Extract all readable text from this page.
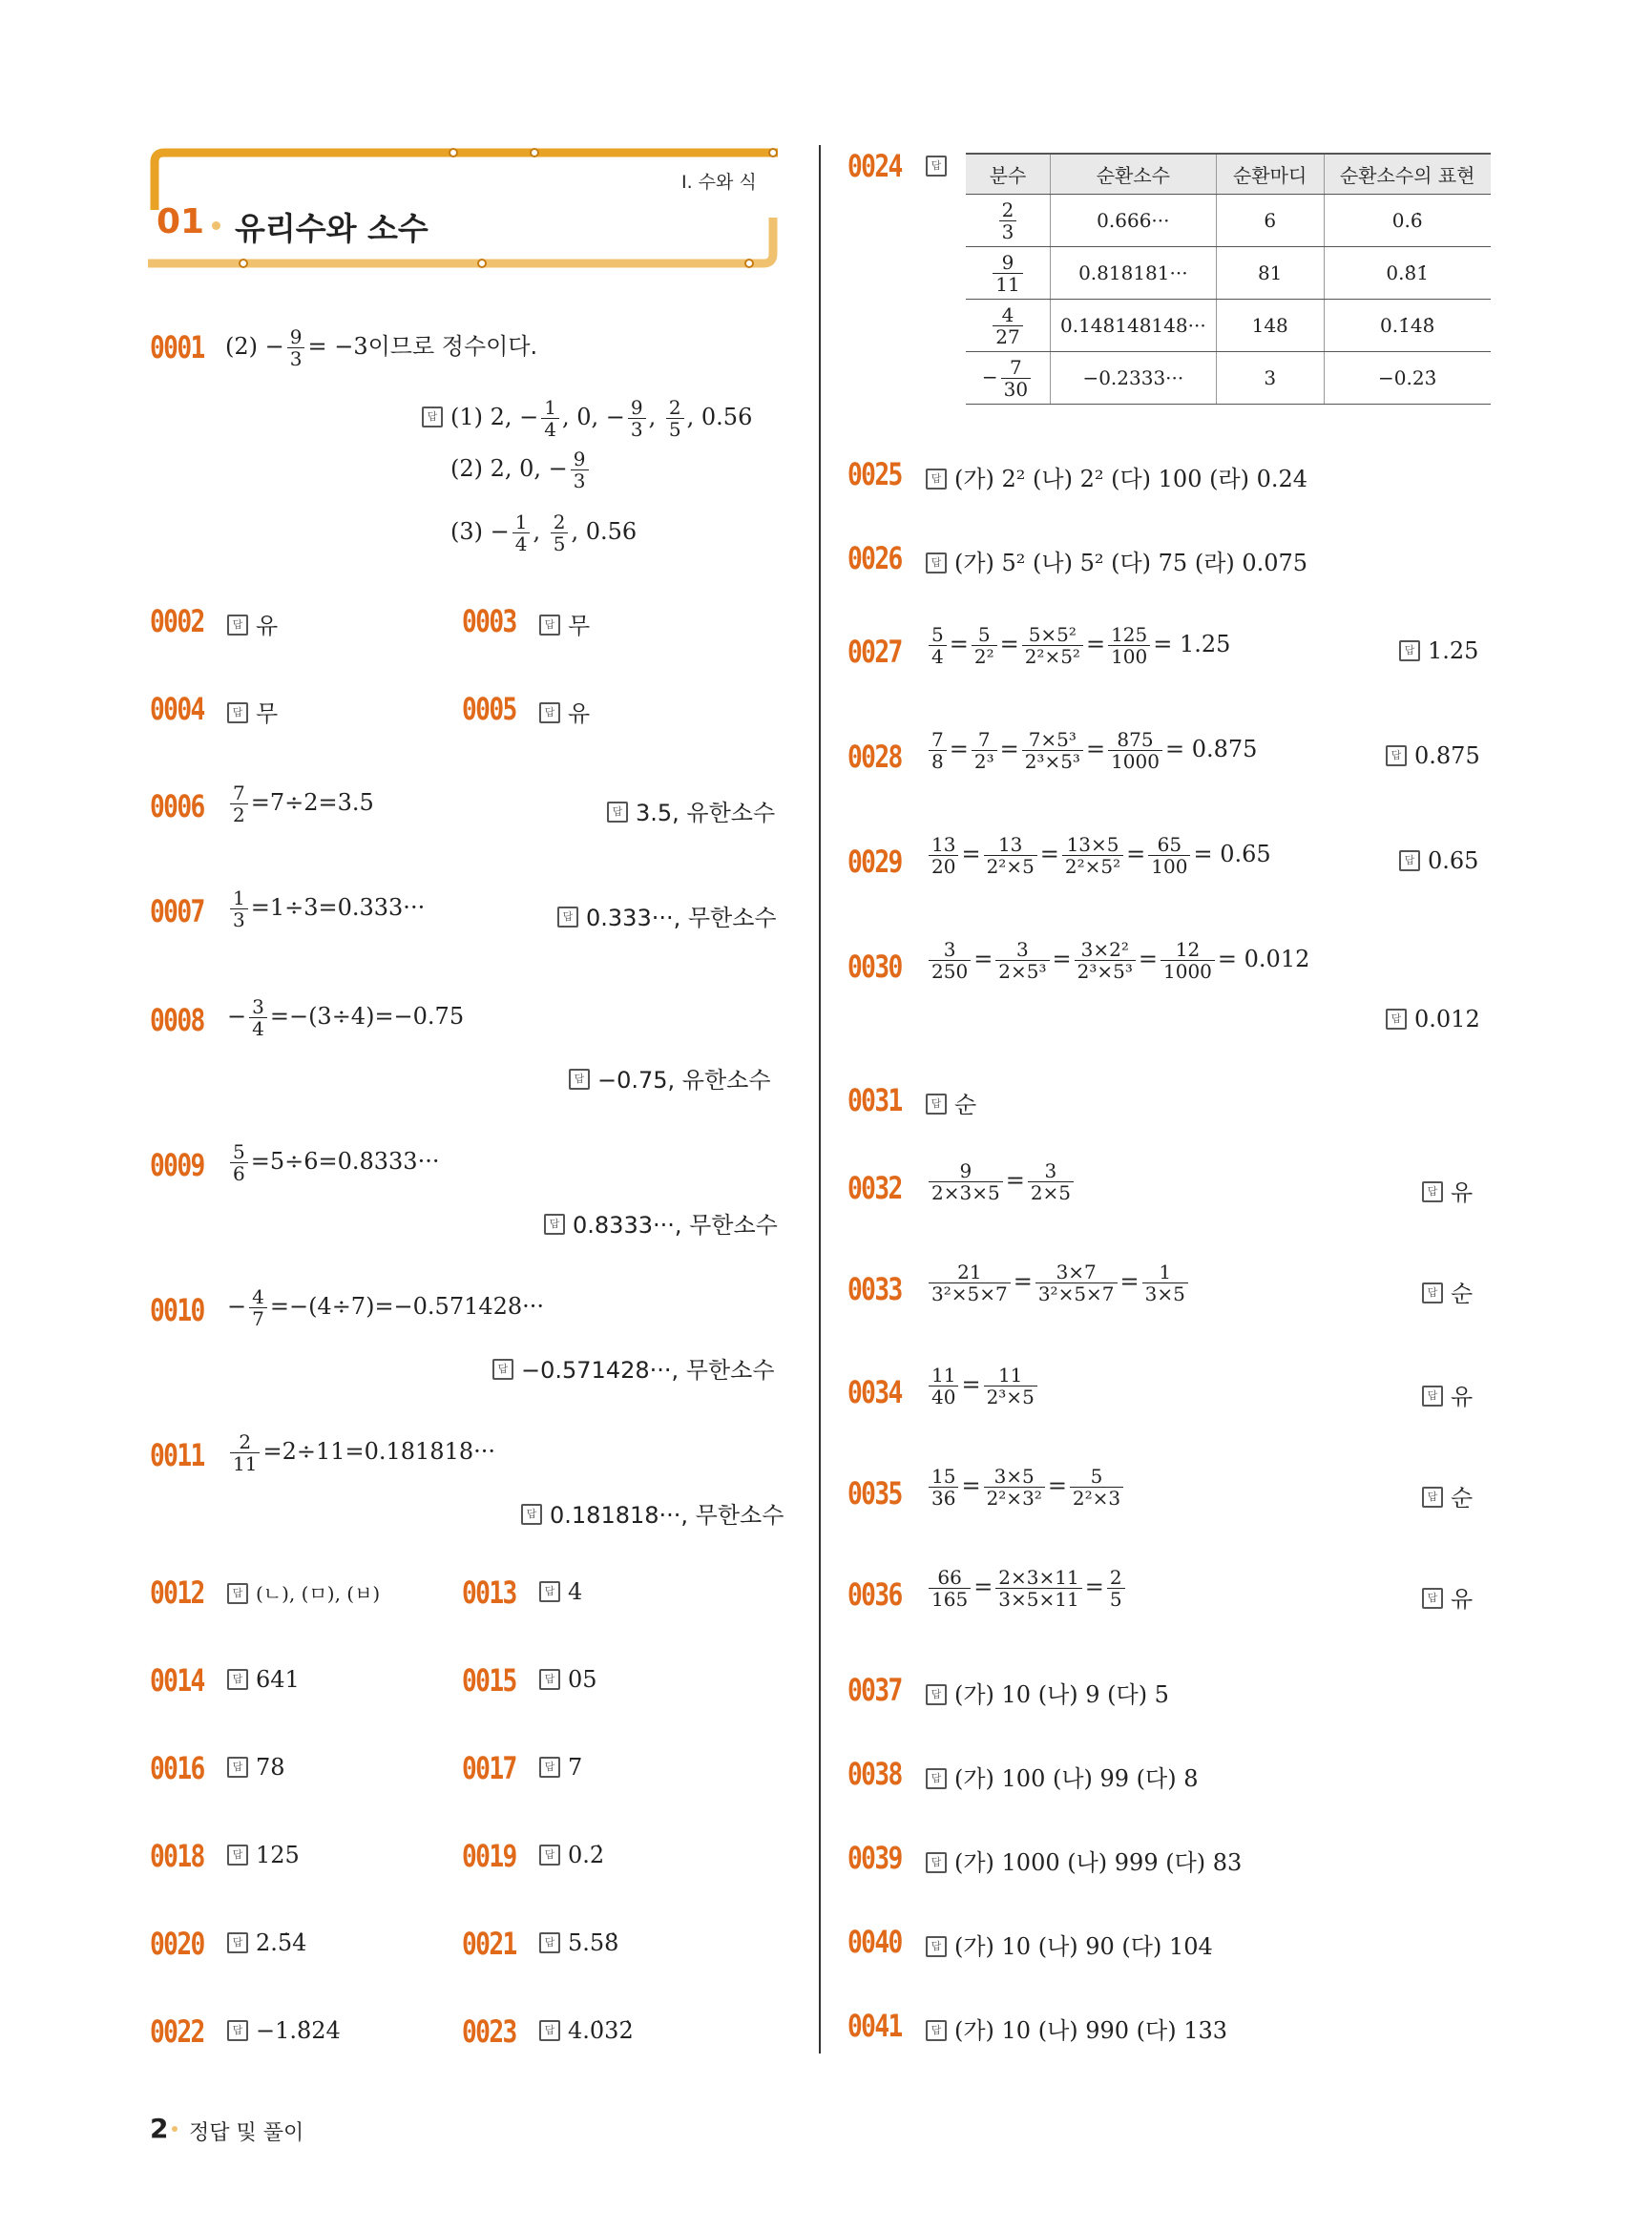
I. 수와 식
01 유리수와 소수
0001 $(2) - \frac{9}{3} = -3$이므로 정수이다.
답 (1) 2, − $\frac{1}{4}$ , 0, − $\frac{9}{3}$ , $\frac{2}{5}$ , 0.56
(2) 2, 0, − $\frac{9}{3}$
$(3) - \frac{1}{4}$ , $\frac{2}{5}$ , 0.56
0002	답 유	0003	답 무
0004	답 무	0005	답 유
$0006 \frac{7}{2} =7\div 2=3.5$	답 3.5, 유한소수
$0007 \frac{1}{3} =1\div 3=0.333\cdot\cdot\cdot$	답 0.333···, 무한소수
$0008 - \frac{3}{4} =-(3\div 4)=-0.75$
답 −0.75, 유한소수
$0009 \frac{5}{6} =5\div 6=0.8333\cdot\cdot\cdot$
답 0.8333···, 무한소수
$0010 - \frac{4}{7} =-(4\div 7)=-0.571428\cdot\cdot\cdot$
답 −0.571428···, 무한소수
$0011 \frac{2}{11} =2\div 11=0.181818\cdot\cdot\cdot$
답 0.181818···, 무한소수
0012	답 (ㄴ), (ㅁ), (ㅂ)	0013	답 4
0014	답 641	0015	답 05
0016	답 78	0017	답 7
0018	답 125	0019	답 0.2̇
0020	답 2.5̇4̇	0021	답 5.58̇
0022	답 −1.8̇24̇	0023	답 4.0̇32̇
0024	답	분수	순환소수	순환마디	순환소수의 표현

$\frac{2}{3}$	0.666···	6	0.6̇

$\frac{9}{11}$	0.818181···	81	0.8̇1̇

$\frac{4}{27}$	0.148148148···	148	0.1̇48̇
− $\frac{7}{30}$	−0.2333···	3	−0.23̇
0025	답 (가) 2² (나) 2² (다) 100 (라) 0.24
0026	답 (가) 5² (나) 5² (다) 75 (라) 0.075
$0027 \frac{5}{4} = \frac{5}{\text{2²}} = \frac{\text{5×5²}}{\text{2²×5²}} = \frac{125}{100} = 1.25$	답 1.25
$0028 \frac{7}{8} = \frac{7}{\text{2³}} = \frac{\text{7×5³}}{\text{2³×5³}} = \frac{875}{1000} = 0.875$	답 0.875
$0029 \frac{13}{20} = \frac{13}{\text{2²×5}} = \frac{13\times 5}{\text{2²×5²}} = \frac{65}{100} = 0.65$	답 0.65
$0030 \frac{3}{250} = \frac{3}{\text{2×5³}} = \frac{\text{3×2²}}{\text{2³×5³}} = \frac{12}{1000} = 0.012$
답 0.012
0031	답 순
$0032 \frac{9}{2\times 3\times 5} = \frac{3}{2\times 5}$	답 유
$0033 \frac{21}{\text{3²×5×7}} = \frac{3\times 7}{\text{3²×5×7}} = \frac{1}{3\times 5}$	답 순
$0034 \frac{11}{40} = \frac{11}{\text{2³×5}}$	답 유
$0035 \frac{15}{36} = \frac{3\times 5}{\text{2²×3²}} = \frac{5}{\text{2²×3}}$	답 순
$0036 \frac{66}{165} = \frac{2\times 3\times 11}{3\times 5\times 11} = \frac{2}{5}$	답 유
0037	답 (가) 10 (나) 9 (다) 5
0038	답 (가) 100 (나) 99 (다) 8
0039	답 (가) 1000 (나) 999 (다) 83
0040	답 (가) 10 (나) 90 (다) 104
0041	답 (가) 10 (나) 990 (다) 133
2 정답 및 풀이
